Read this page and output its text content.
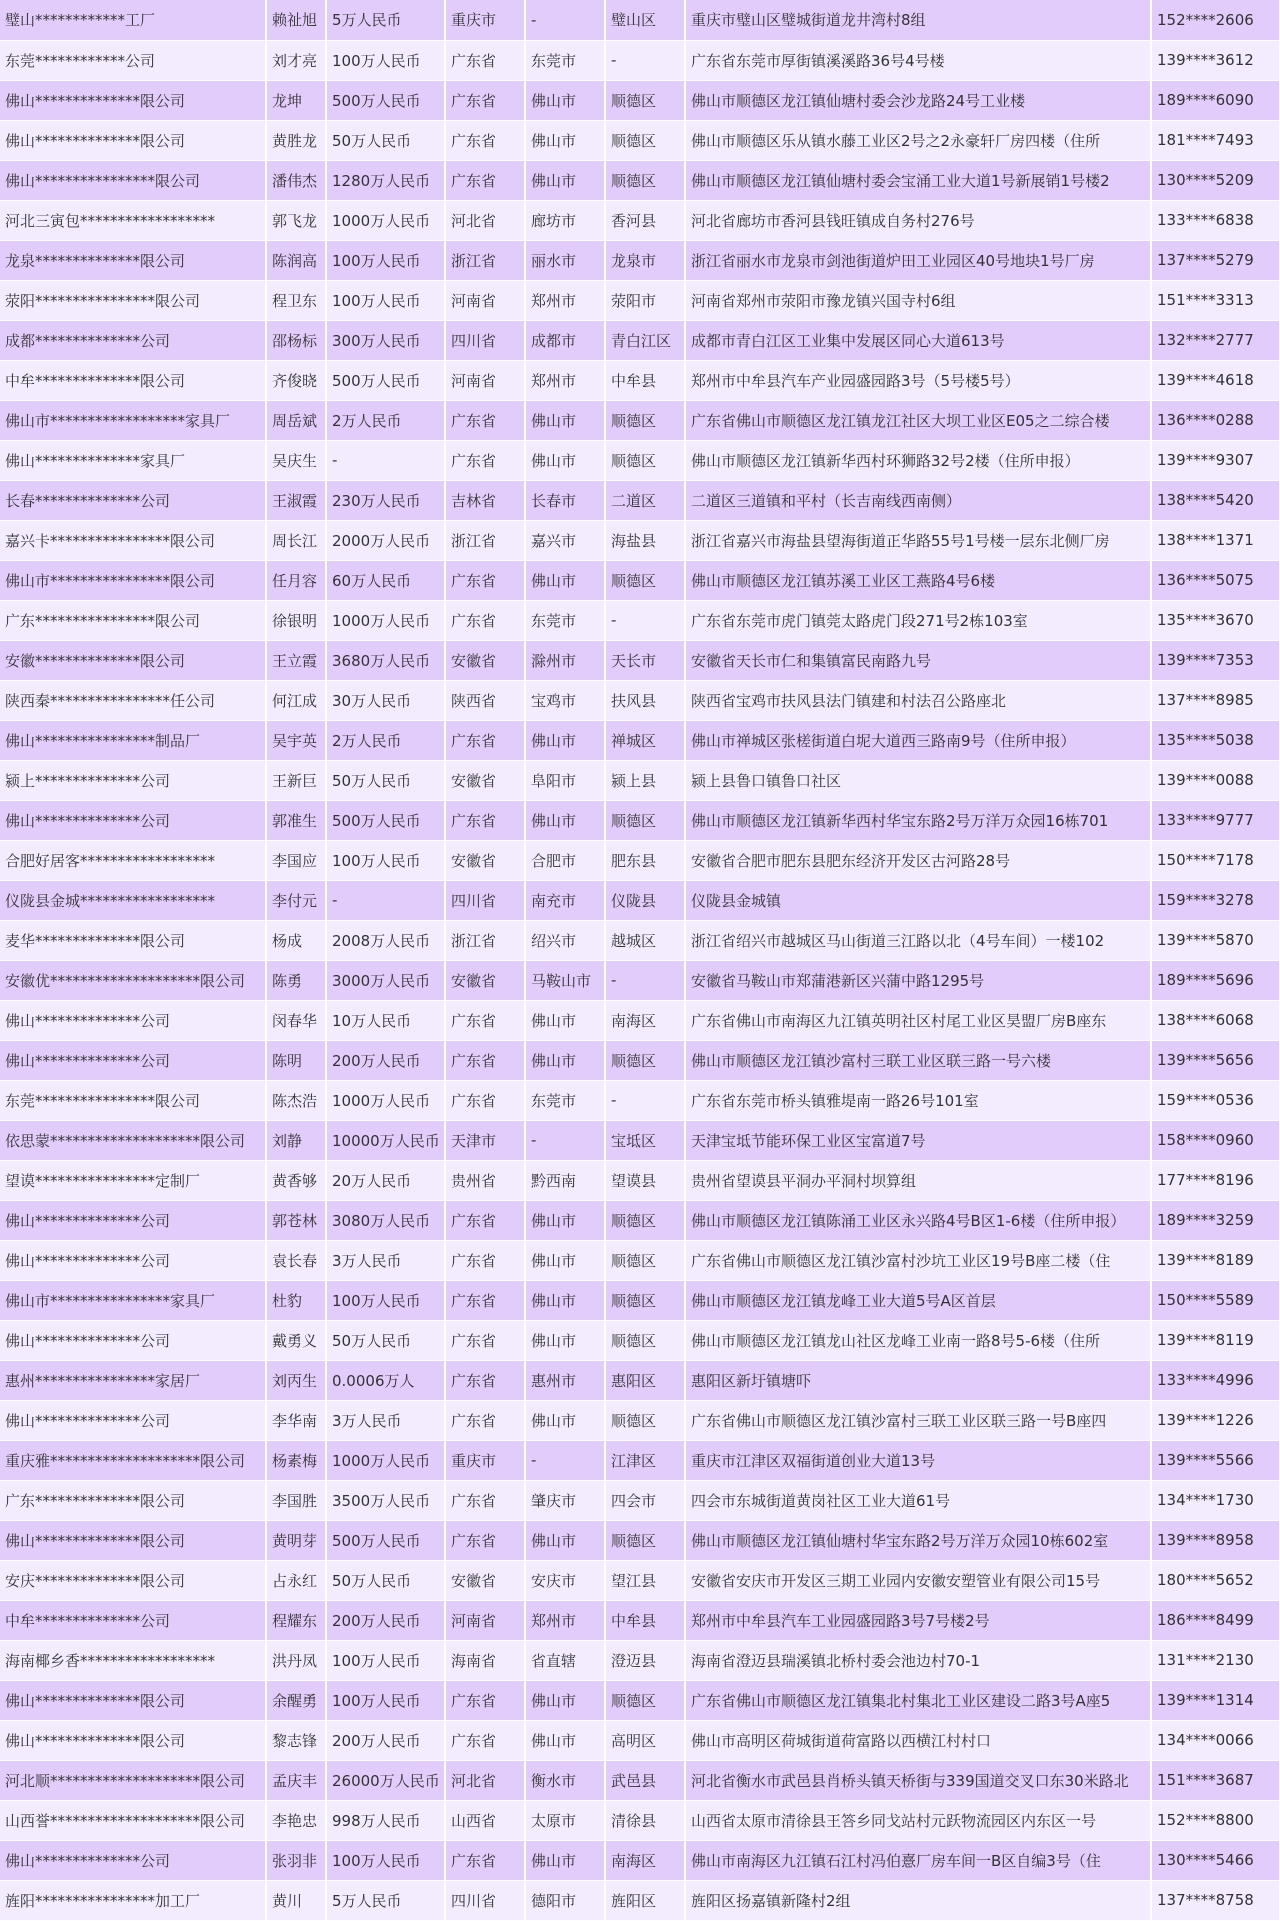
璧山************工厂	赖祉旭	5万人民币	重庆市	-	璧山区	重庆市璧山区璧城街道龙井湾村8组	152****2606
东莞************公司	刘才亮	100万人民币	广东省	东莞市	-	广东省东莞市厚街镇溪溪路36号4号楼	139****3612
佛山**************限公司	龙坤	500万人民币	广东省	佛山市	顺德区	佛山市顺德区龙江镇仙塘村委会沙龙路24号工业楼	189****6090
佛山**************限公司	黄胜龙	50万人民币	广东省	佛山市	顺德区	佛山市顺德区乐从镇水藤工业区2号之2永豪轩厂房四楼（住所	181****7493
佛山****************限公司	潘伟杰	1280万人民币	广东省	佛山市	顺德区	佛山市顺德区龙江镇仙塘村委会宝涌工业大道1号新展销1号楼2	130****5209
河北三寅包******************	郭飞龙	1000万人民币	河北省	廊坊市	香河县	河北省廊坊市香河县钱旺镇成自务村276号	133****6838
龙泉**************限公司	陈润高	100万人民币	浙江省	丽水市	龙泉市	浙江省丽水市龙泉市剑池街道炉田工业园区40号地块1号厂房	137****5279
荥阳****************限公司	程卫东	100万人民币	河南省	郑州市	荥阳市	河南省郑州市荥阳市豫龙镇兴国寺村6组	151****3313
成都**************公司	邵杨标	300万人民币	四川省	成都市	青白江区	成都市青白江区工业集中发展区同心大道613号	132****2777
中牟**************限公司	齐俊晓	500万人民币	河南省	郑州市	中牟县	郑州市中牟县汽车产业园盛园路3号（5号楼5号）	139****4618
佛山市******************家具厂	周岳斌	2万人民币	广东省	佛山市	顺德区	广东省佛山市顺德区龙江镇龙江社区大坝工业区E05之二综合楼	136****0288
佛山**************家具厂	吴庆生	-	广东省	佛山市	顺德区	佛山市顺德区龙江镇新华西村环狮路32号2楼（住所申报）	139****9307
长春**************公司	王淑霞	230万人民币	吉林省	长春市	二道区	二道区三道镇和平村（长吉南线西南侧）	138****5420
嘉兴卡****************限公司	周长江	2000万人民币	浙江省	嘉兴市	海盐县	浙江省嘉兴市海盐县望海街道正华路55号1号楼一层东北侧厂房	138****1371
佛山市****************限公司	任月容	60万人民币	广东省	佛山市	顺德区	佛山市顺德区龙江镇苏溪工业区工燕路4号6楼	136****5075
广东****************限公司	徐银明	1000万人民币	广东省	东莞市	-	广东省东莞市虎门镇莞太路虎门段271号2栋103室	135****3670
安徽**************限公司	王立霞	3680万人民币	安徽省	滁州市	天长市	安徽省天长市仁和集镇富民南路九号	139****7353
陕西秦****************任公司	何江成	30万人民币	陕西省	宝鸡市	扶风县	陕西省宝鸡市扶风县法门镇建和村法召公路座北	137****8985
佛山****************制品厂	吴宇英	2万人民币	广东省	佛山市	禅城区	佛山市禅城区张槎街道白坭大道西三路南9号（住所申报）	135****5038
颍上**************公司	王新巨	50万人民币	安徽省	阜阳市	颍上县	颍上县鲁口镇鲁口社区	139****0088
佛山**************公司	郭准生	500万人民币	广东省	佛山市	顺德区	佛山市顺德区龙江镇新华西村华宝东路2号万洋万众园16栋701	133****9777
合肥好居客******************	李国应	100万人民币	安徽省	合肥市	肥东县	安徽省合肥市肥东县肥东经济开发区古河路28号	150****7178
仪陇县金城******************	李付元	-	四川省	南充市	仪陇县	仪陇县金城镇	159****3278
麦华**************限公司	杨成	2008万人民币	浙江省	绍兴市	越城区	浙江省绍兴市越城区马山街道三江路以北（4号车间）一楼102	139****5870
安徽优********************限公司	陈勇	3000万人民币	安徽省	马鞍山市	-	安徽省马鞍山市郑蒲港新区兴蒲中路1295号	189****5696
佛山**************公司	闵春华	10万人民币	广东省	佛山市	南海区	广东省佛山市南海区九江镇英明社区村尾工业区昊盟厂房B座东	138****6068
佛山**************公司	陈明	200万人民币	广东省	佛山市	顺德区	佛山市顺德区龙江镇沙富村三联工业区联三路一号六楼	139****5656
东莞****************限公司	陈杰浩	1000万人民币	广东省	东莞市	-	广东省东莞市桥头镇雅堤南一路26号101室	159****0536
依思蒙********************限公司	刘静	10000万人民币	天津市	-	宝坻区	天津宝坻节能环保工业区宝富道7号	158****0960
望谟****************定制厂	黄香够	20万人民币	贵州省	黔西南	望谟县	贵州省望谟县平洞办平洞村坝算组	177****8196
佛山**************公司	郭苍林	3080万人民币	广东省	佛山市	顺德区	佛山市顺德区龙江镇陈涌工业区永兴路4号B区1-6楼（住所申报）	189****3259
佛山**************公司	袁长春	3万人民币	广东省	佛山市	顺德区	广东省佛山市顺德区龙江镇沙富村沙坑工业区19号B座二楼（住	139****8189
佛山市****************家具厂	杜豹	100万人民币	广东省	佛山市	顺德区	佛山市顺德区龙江镇龙峰工业大道5号A区首层	150****5589
佛山**************公司	戴勇义	50万人民币	广东省	佛山市	顺德区	佛山市顺德区龙江镇龙山社区龙峰工业南一路8号5-6楼（住所	139****8119
惠州****************家居厂	刘丙生	0.0006万人	广东省	惠州市	惠阳区	惠阳区新圩镇塘吓	133****4996
佛山**************公司	李华南	3万人民币	广东省	佛山市	顺德区	广东省佛山市顺德区龙江镇沙富村三联工业区联三路一号B座四	139****1226
重庆雅********************限公司	杨素梅	1000万人民币	重庆市	-	江津区	重庆市江津区双福街道创业大道13号	139****5566
广东**************限公司	李国胜	3500万人民币	广东省	肇庆市	四会市	四会市东城街道黄岗社区工业大道61号	134****1730
佛山**************限公司	黄明芽	500万人民币	广东省	佛山市	顺德区	佛山市顺德区龙江镇仙塘村华宝东路2号万洋万众园10栋602室	139****8958
安庆**************限公司	占永红	50万人民币	安徽省	安庆市	望江县	安徽省安庆市开发区三期工业园内安徽安塑管业有限公司15号	180****5652
中牟**************公司	程耀东	200万人民币	河南省	郑州市	中牟县	郑州市中牟县汽车工业园盛园路3号7号楼2号	186****8499
海南椰乡香******************	洪丹凤	100万人民币	海南省	省直辖	澄迈县	海南省澄迈县瑞溪镇北桥村委会池边村70-1	131****2130
佛山**************限公司	余醒勇	100万人民币	广东省	佛山市	顺德区	广东省佛山市顺德区龙江镇集北村集北工业区建设二路3号A座5	139****1314
佛山**************限公司	黎志锋	200万人民币	广东省	佛山市	高明区	佛山市高明区荷城街道荷富路以西横江村村口	134****0066
河北顺********************限公司	孟庆丰	26000万人民币	河北省	衡水市	武邑县	河北省衡水市武邑县肖桥头镇天桥街与339国道交叉口东30米路北	151****3687
山西誉********************限公司	李艳忠	998万人民币	山西省	太原市	清徐县	山西省太原市清徐县王答乡同戈站村元跃物流园区内东区一号	152****8800
佛山**************公司	张羽非	100万人民币	广东省	佛山市	南海区	佛山市南海区九江镇石江村冯伯憙厂房车间一B区自编3号（住	130****5466
旌阳****************加工厂	黄川	5万人民币	四川省	德阳市	旌阳区	旌阳区扬嘉镇新隆村2组	137****8758
